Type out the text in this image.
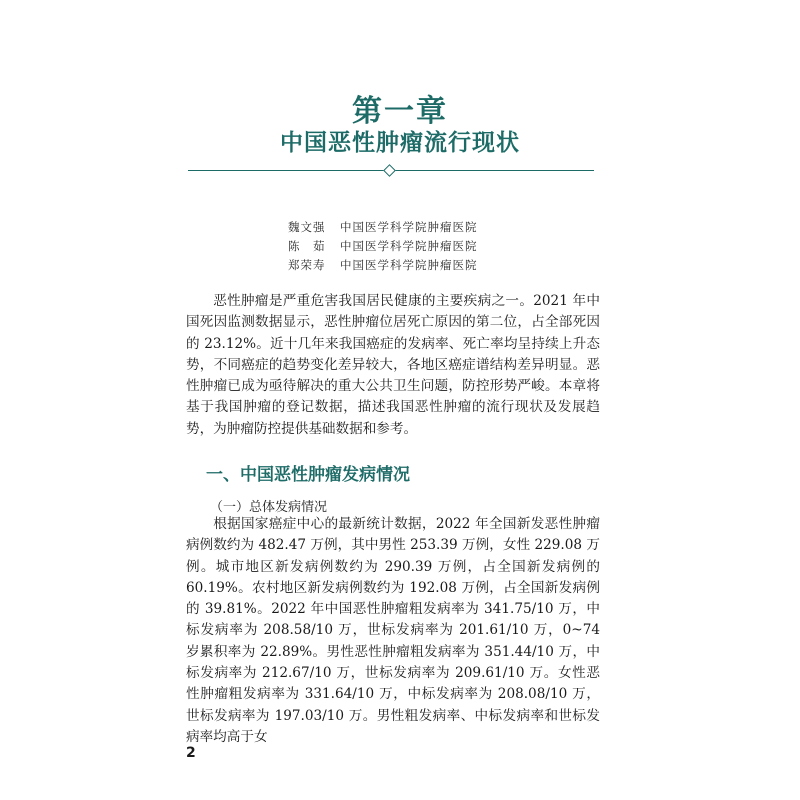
第一章
中国恶性肿瘤流行现状
魏文强 中国医学科学院肿瘤医院
陈　茹 中国医学科学院肿瘤医院
郑荣寿 中国医学科学院肿瘤医院

恶性肿瘤是严重危害我国居民健康的主要疾病之一。2021 年中国死因监测数据显示，恶性肿瘤位居死亡原因的第二位，占全部死因的 23.12%。近十几年来我国癌症的发病率、死亡率均呈持续上升态势，不同癌症的趋势变化差异较大，各地区癌症谱结构差异明显。恶性肿瘤已成为亟待解决的重大公共卫生问题，防控形势严峻。本章将基于我国肿瘤的登记数据，描述我国恶性肿瘤的流行现状及发展趋势，为肿瘤防控提供基础数据和参考。

一、中国恶性肿瘤发病情况
（一）总体发病情况

根据国家癌症中心的最新统计数据，2022 年全国新发恶性肿瘤病例数约为 482.47 万例，其中男性 253.39 万例，女性 229.08 万例。城市地区新发病例数约为 290.39 万例，占全国新发病例的 60.19%。农村地区新发病例数约为 192.08 万例，占全国新发病例的 39.81%。2022 年中国恶性肿瘤粗发病率为 341.75/10 万，中标发病率为 208.58/10 万，世标发病率为 201.61/10 万，0~74 岁累积率为 22.89%。男性恶性肿瘤粗发病率为 351.44/10 万，中标发病率为 212.67/10 万，世标发病率为 209.61/10 万。女性恶性肿瘤粗发病率为 331.64/10 万，中标发病率为 208.08/10 万，世标发病率为 197.03/10 万。男性粗发病率、中标发病率和世标发病率均高于女

2
